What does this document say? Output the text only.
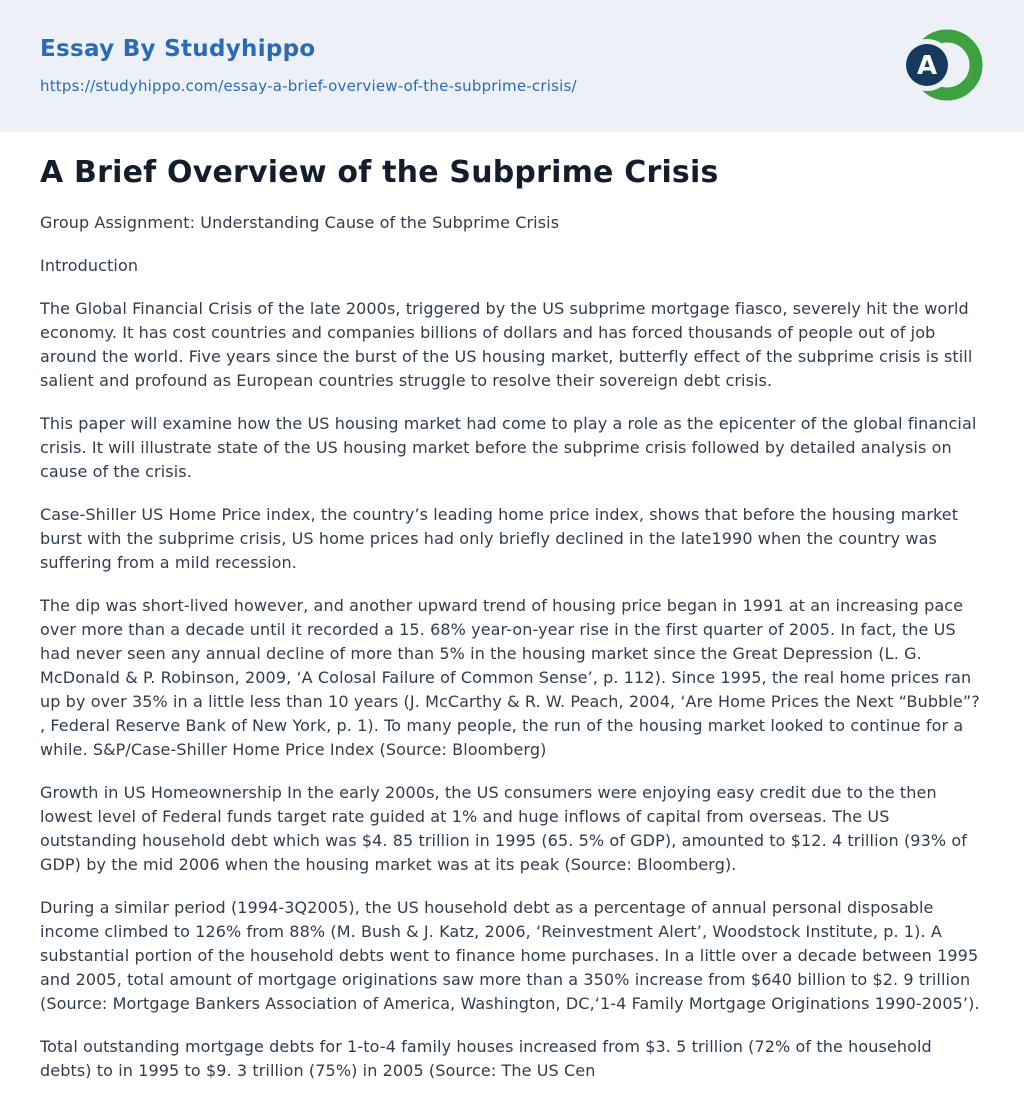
Essay By Studyhippo
https://studyhippo.com/essay-a-brief-overview-of-the-subprime-crisis/
A
A Brief Overview of the Subprime Crisis

Group Assignment: Understanding Cause of the Subprime Crisis

Introduction

The Global Financial Crisis of the late 2000s, triggered by the US subprime mortgage fiasco, severely hit the world economy. It has cost countries and companies billions of dollars and has forced thousands of people out of job around the world. Five years since the burst of the US housing market, butterfly effect of the subprime crisis is still salient and profound as European countries struggle to resolve their sovereign debt crisis.

This paper will examine how the US housing market had come to play a role as the epicenter of the global financial crisis. It will illustrate state of the US housing market before the subprime crisis followed by detailed analysis on cause of the crisis.

Case-Shiller US Home Price index, the country’s leading home price index, shows that before the housing market burst with the subprime crisis, US home prices had only briefly declined in the late1990 when the country was suffering from a mild recession.

The dip was short-lived however, and another upward trend of housing price began in 1991 at an increasing pace over more than a decade until it recorded a 15. 68% year-on-year rise in the first quarter of 2005. In fact, the US had never seen any annual decline of more than 5% in the housing market since the Great Depression (L. G. McDonald & P. Robinson, 2009, ‘A Colosal Failure of Common Sense’, p. 112). Since 1995, the real home prices ran up by over 35% in a little less than 10 years (J. McCarthy & R. W. Peach, 2004, ‘Are Home Prices the Next “Bubble”? , Federal Reserve Bank of New York, p. 1). To many people, the run of the housing market looked to continue for a while. S&P/Case-Shiller Home Price Index (Source: Bloomberg)

Growth in US Homeownership In the early 2000s, the US consumers were enjoying easy credit due to the then lowest level of Federal funds target rate guided at 1% and huge inflows of capital from overseas. The US outstanding household debt which was $4. 85 trillion in 1995 (65. 5% of GDP), amounted to $12. 4 trillion (93% of GDP) by the mid 2006 when the housing market was at its peak (Source: Bloomberg).

During a similar period (1994-3Q2005), the US household debt as a percentage of annual personal disposable income climbed to 126% from 88% (M. Bush & J. Katz, 2006, ‘Reinvestment Alert’, Woodstock Institute, p. 1). A substantial portion of the household debts went to finance home purchases. In a little over a decade between 1995 and 2005, total amount of mortgage originations saw more than a 350% increase from $640 billion to $2. 9 trillion (Source: Mortgage Bankers Association of America, Washington, DC,‘1-4 Family Mortgage Originations 1990-2005’).

Total outstanding mortgage debts for 1-to-4 family houses increased from $3. 5 trillion (72% of the household debts) to in 1995 to $9. 3 trillion (75%) in 2005 (Source: The US Cen
